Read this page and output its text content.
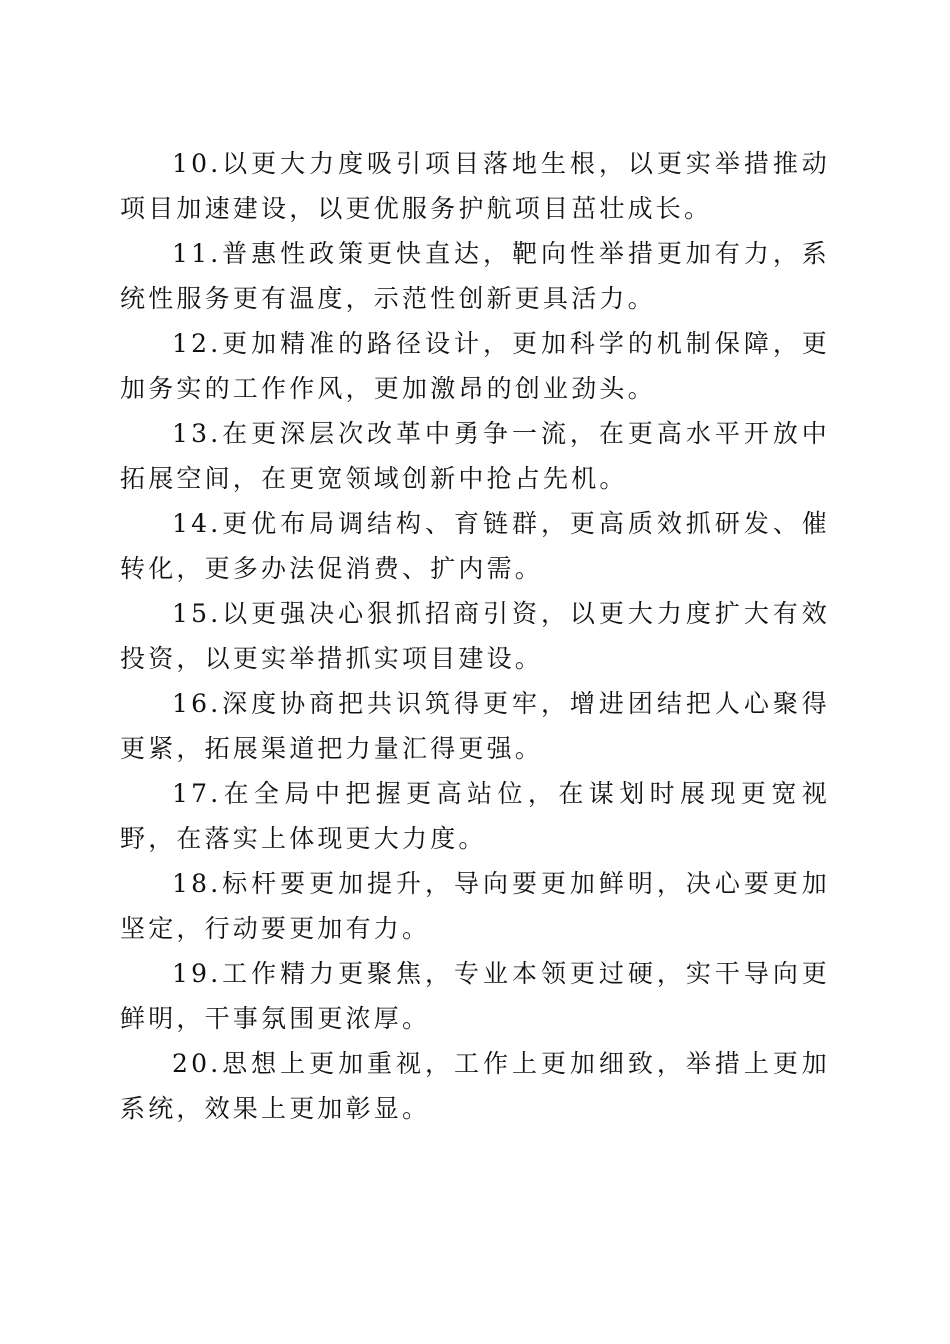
10.以更大力度吸引项目落地生根，以更实举措推动项目加速建设，以更优服务护航项目茁壮成长。

11.普惠性政策更快直达，靶向性举措更加有力，系统性服务更有温度，示范性创新更具活力。

12.更加精准的路径设计，更加科学的机制保障，更加务实的工作作风，更加激昂的创业劲头。

13.在更深层次改革中勇争一流，在更高水平开放中拓展空间，在更宽领域创新中抢占先机。

14.更优布局调结构、育链群，更高质效抓研发、催转化，更多办法促消费、扩内需。

15.以更强决心狠抓招商引资，以更大力度扩大有效投资，以更实举措抓实项目建设。

16.深度协商把共识筑得更牢，增进团结把人心聚得更紧，拓展渠道把力量汇得更强。

17.在全局中把握更高站位，在谋划时展现更宽视野，在落实上体现更大力度。

18.标杆要更加提升，导向要更加鲜明，决心要更加坚定，行动要更加有力。

19.工作精力更聚焦，专业本领更过硬，实干导向更鲜明，干事氛围更浓厚。

20.思想上更加重视，工作上更加细致，举措上更加系统，效果上更加彰显。
